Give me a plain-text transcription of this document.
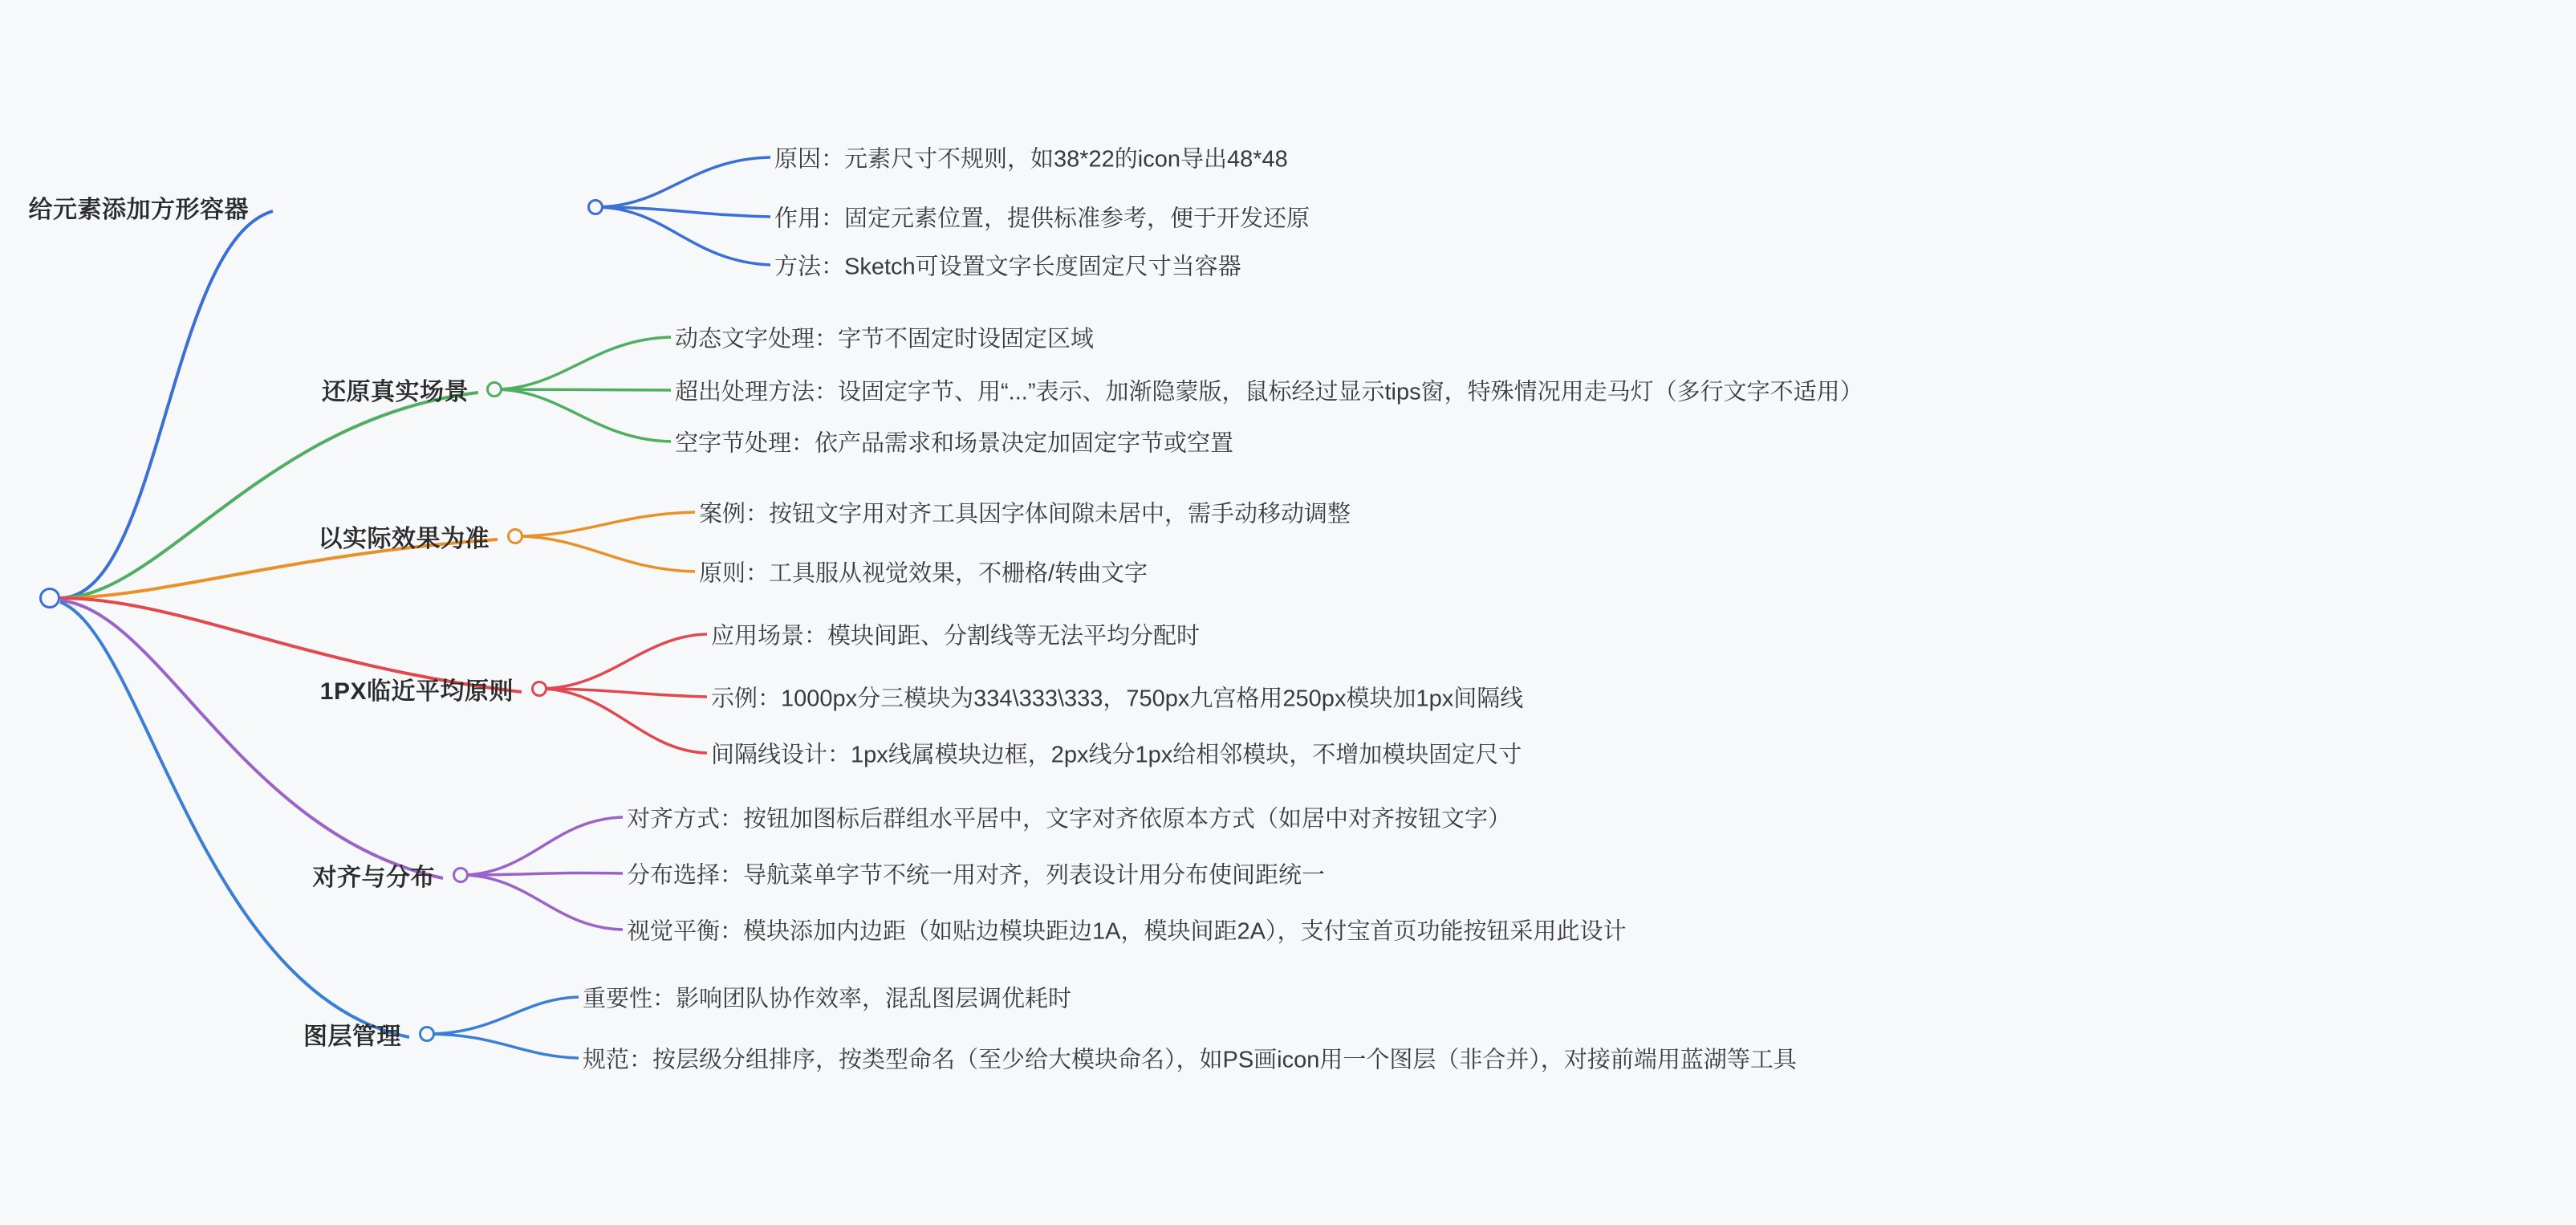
给元素添加方形容器
原因：元素尺寸不规则，如38*22的icon导出48*48
作用：固定元素位置，提供标准参考，便于开发还原
方法：Sketch可设置文字长度固定尺寸当容器
还原真实场景
动态文字处理：字节不固定时设固定区域
超出处理方法：设固定字节、用“...”表示、加渐隐蒙版，鼠标经过显示tips窗，特殊情况用走马灯（多行文字不适用）
空字节处理：依产品需求和场景决定加固定字节或空置
以实际效果为准
案例：按钮文字用对齐工具因字体间隙未居中，需手动移动调整
原则：工具服从视觉效果，不栅格/转曲文字
1PX临近平均原则
应用场景：模块间距、分割线等无法平均分配时
示例：1000px分三模块为334\333\333，750px九宫格用250px模块加1px间隔线
间隔线设计：1px线属模块边框，2px线分1px给相邻模块，不增加模块固定尺寸
对齐与分布
对齐方式：按钮加图标后群组水平居中，文字对齐依原本方式（如居中对齐按钮文字）
分布选择：导航菜单字节不统一用对齐，列表设计用分布使间距统一
视觉平衡：模块添加内边距（如贴边模块距边1A，模块间距2A），支付宝首页功能按钮采用此设计
图层管理
重要性：影响团队协作效率，混乱图层调优耗时
规范：按层级分组排序，按类型命名（至少给大模块命名），如PS画icon用一个图层（非合并），对接前端用蓝湖等工具
